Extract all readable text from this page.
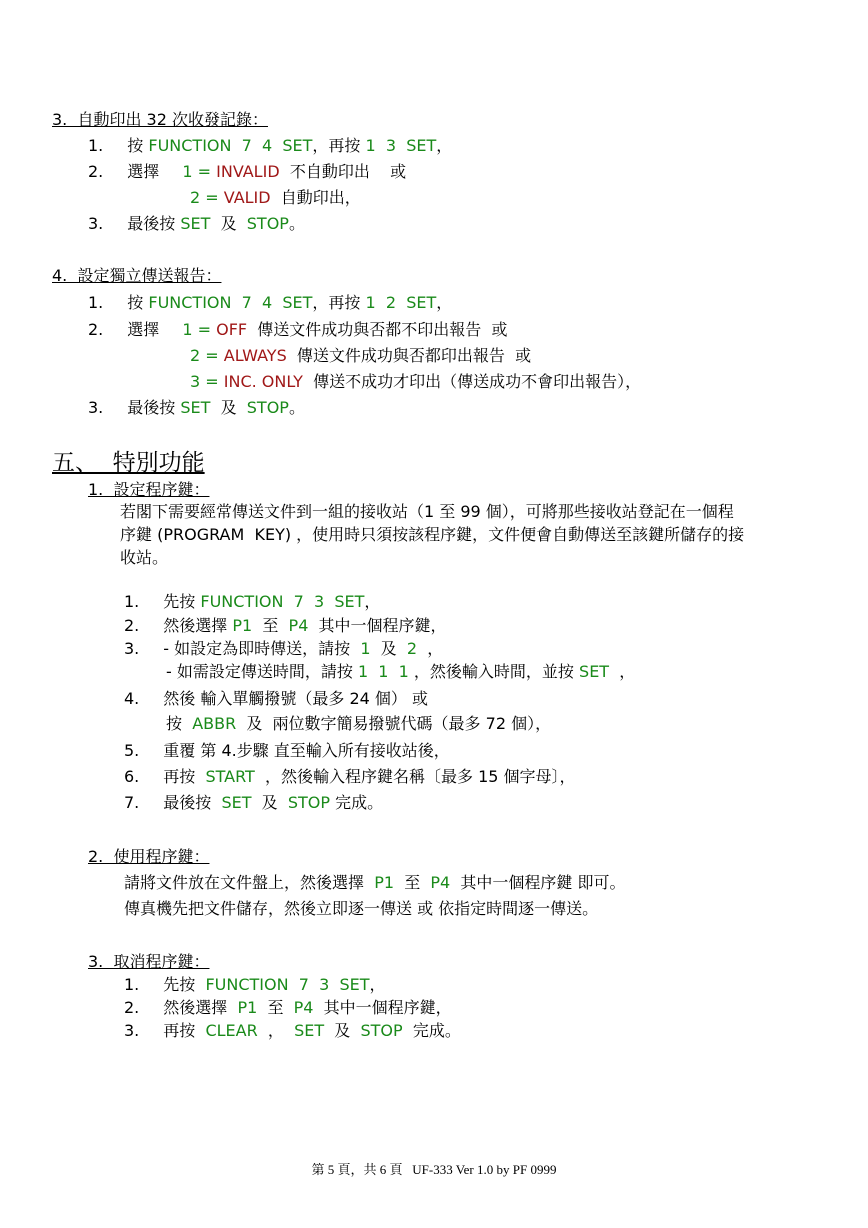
3.  自動印出 32 次收發記錄：
1. 按 FUNCTION  7  4  SET，再按 1  3  SET，
2. 選擇 1 = INVALID  不自動印出    或
2 = VALID  自動印出，
3. 最後按 SET  及  STOP。
4.  設定獨立傳送報告：
1. 按 FUNCTION  7  4  SET，再按 1  2  SET，
2. 選擇 1 = OFF  傳送文件成功與否都不印出報告  或
2 = ALWAYS  傳送文件成功與否都印出報告  或
3 = INC. ONLY  傳送不成功才印出（傳送成功不會印出報告），
3. 最後按 SET  及  STOP。
五、  特別功能
1.  設定程序鍵：
若閣下需要經常傳送文件到一組的接收站（1 至 99 個），可將那些接收站登記在一個程
序鍵 (PROGRAM  KEY) ，使用時只須按該程序鍵，文件便會自動傳送至該鍵所儲存的接
收站。
1. 先按 FUNCTION  7  3  SET，
2. 然後選擇 P1  至  P4  其中一個程序鍵，
3. - 如設定為即時傳送，請按  1  及  2  ，
- 如需設定傳送時間，請按 1  1  1 ，然後輸入時間，並按 SET  ，
4. 然後 輸入單觸撥號（最多 24 個） 或
按  ABBR  及  兩位數字簡易撥號代碼（最多 72 個），
5. 重覆 第 4.步驟 直至輸入所有接收站後，
6. 再按  START  ，然後輸入程序鍵名稱〔最多 15 個字母〕，
7. 最後按  SET  及  STOP 完成。
2.  使用程序鍵：
請將文件放在文件盤上，然後選擇  P1  至  P4  其中一個程序鍵 即可。
傳真機先把文件儲存，然後立即逐一傳送 或 依指定時間逐一傳送。
3.  取消程序鍵：
1. 先按  FUNCTION  7  3  SET，
2. 然後選擇  P1  至  P4  其中一個程序鍵，
3. 再按  CLEAR  ，  SET  及  STOP  完成。
第 5 頁，共 6 頁   UF-333 Ver 1.0 by PF 0999
